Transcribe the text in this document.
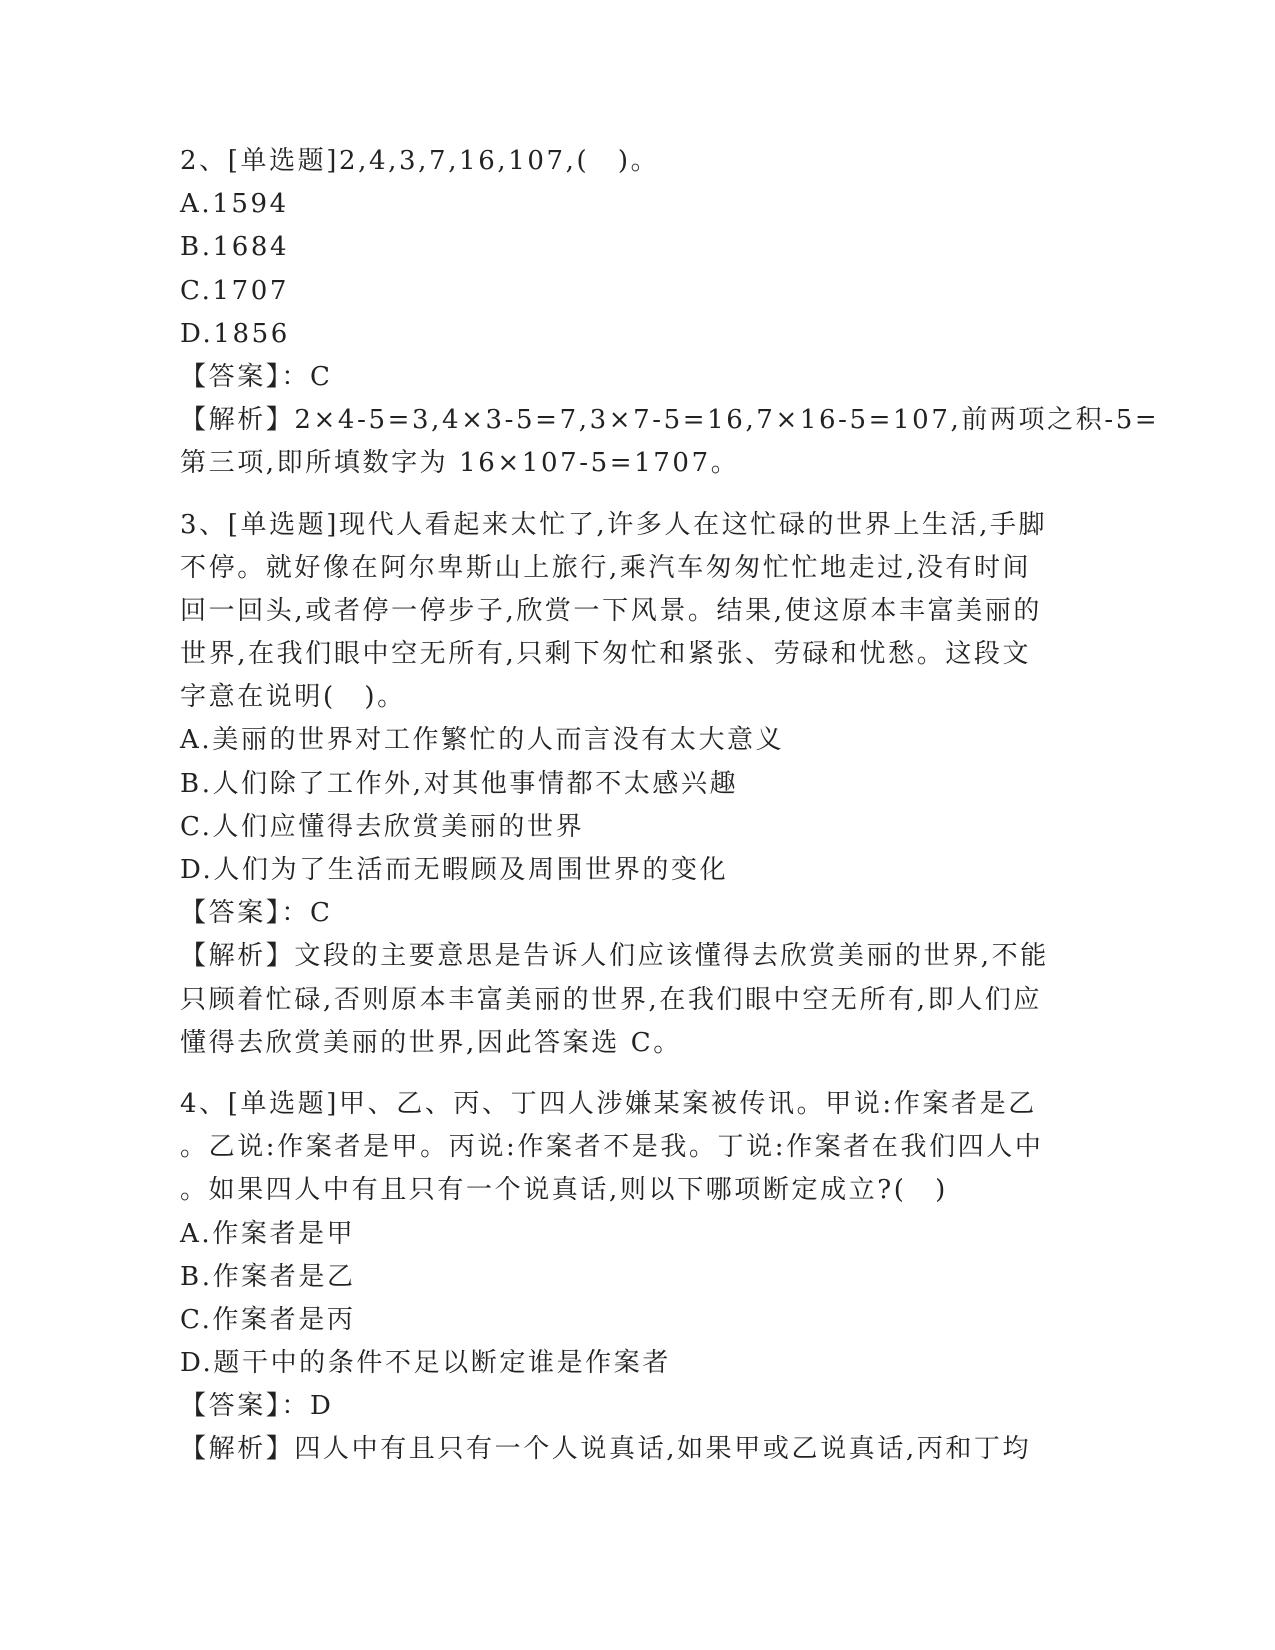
2、[单选题]2,4,3,7,16,107,(　)。
A.1594
B.1684
C.1707
D.1856
【答案】：C
【解析】2×4-5=3,4×3-5=7,3×7-5=16,7×16-5=107,前两项之积-5=
第三项,即所填数字为 16×107-5=1707。
3、[单选题]现代人看起来太忙了,许多人在这忙碌的世界上生活,手脚
不停。就好像在阿尔卑斯山上旅行,乘汽车匆匆忙忙地走过,没有时间
回一回头,或者停一停步子,欣赏一下风景。结果,使这原本丰富美丽的
世界,在我们眼中空无所有,只剩下匆忙和紧张、劳碌和忧愁。这段文
字意在说明(　)。
A.美丽的世界对工作繁忙的人而言没有太大意义
B.人们除了工作外,对其他事情都不太感兴趣
C.人们应懂得去欣赏美丽的世界
D.人们为了生活而无暇顾及周围世界的变化
【答案】：C
【解析】文段的主要意思是告诉人们应该懂得去欣赏美丽的世界,不能
只顾着忙碌,否则原本丰富美丽的世界,在我们眼中空无所有,即人们应
懂得去欣赏美丽的世界,因此答案选 C。
4、[单选题]甲、乙、丙、丁四人涉嫌某案被传讯。甲说:作案者是乙
。乙说:作案者是甲。丙说:作案者不是我。丁说:作案者在我们四人中
。如果四人中有且只有一个说真话,则以下哪项断定成立?(　)
A.作案者是甲
B.作案者是乙
C.作案者是丙
D.题干中的条件不足以断定谁是作案者
【答案】：D
【解析】四人中有且只有一个人说真话,如果甲或乙说真话,丙和丁均
